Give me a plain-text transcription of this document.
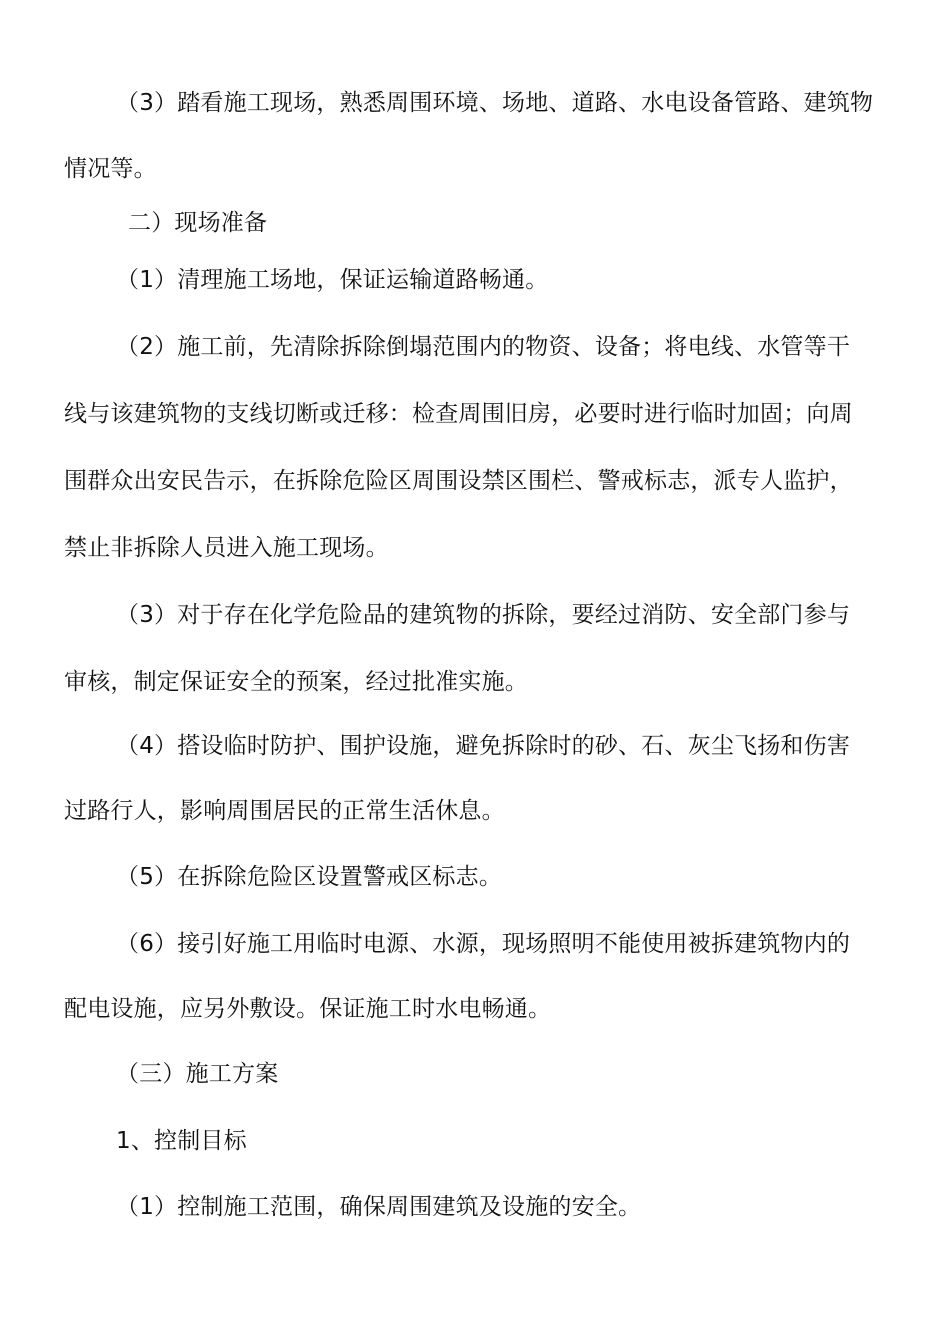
（3）踏看施工现场，熟悉周围环境、场地、道路、水电设备管路、建筑物
情况等。
二）现场准备
（1）清理施工场地，保证运输道路畅通。
（2）施工前，先清除拆除倒塌范围内的物资、设备；将电线、水管等干
线与该建筑物的支线切断或迁移：检查周围旧房，必要时进行临时加固；向周
围群众出安民告示，在拆除危险区周围设禁区围栏、警戒标志，派专人监护，
禁止非拆除人员进入施工现场。
（3）对于存在化学危险品的建筑物的拆除，要经过消防、安全部门参与
审核，制定保证安全的预案，经过批准实施。
（4）搭设临时防护、围护设施，避免拆除时的砂、石、灰尘飞扬和伤害
过路行人，影响周围居民的正常生活休息。
（5）在拆除危险区设置警戒区标志。
（6）接引好施工用临时电源、水源，现场照明不能使用被拆建筑物内的
配电设施，应另外敷设。保证施工时水电畅通。
（三）施工方案
1、控制目标
（1）控制施工范围，确保周围建筑及设施的安全。
